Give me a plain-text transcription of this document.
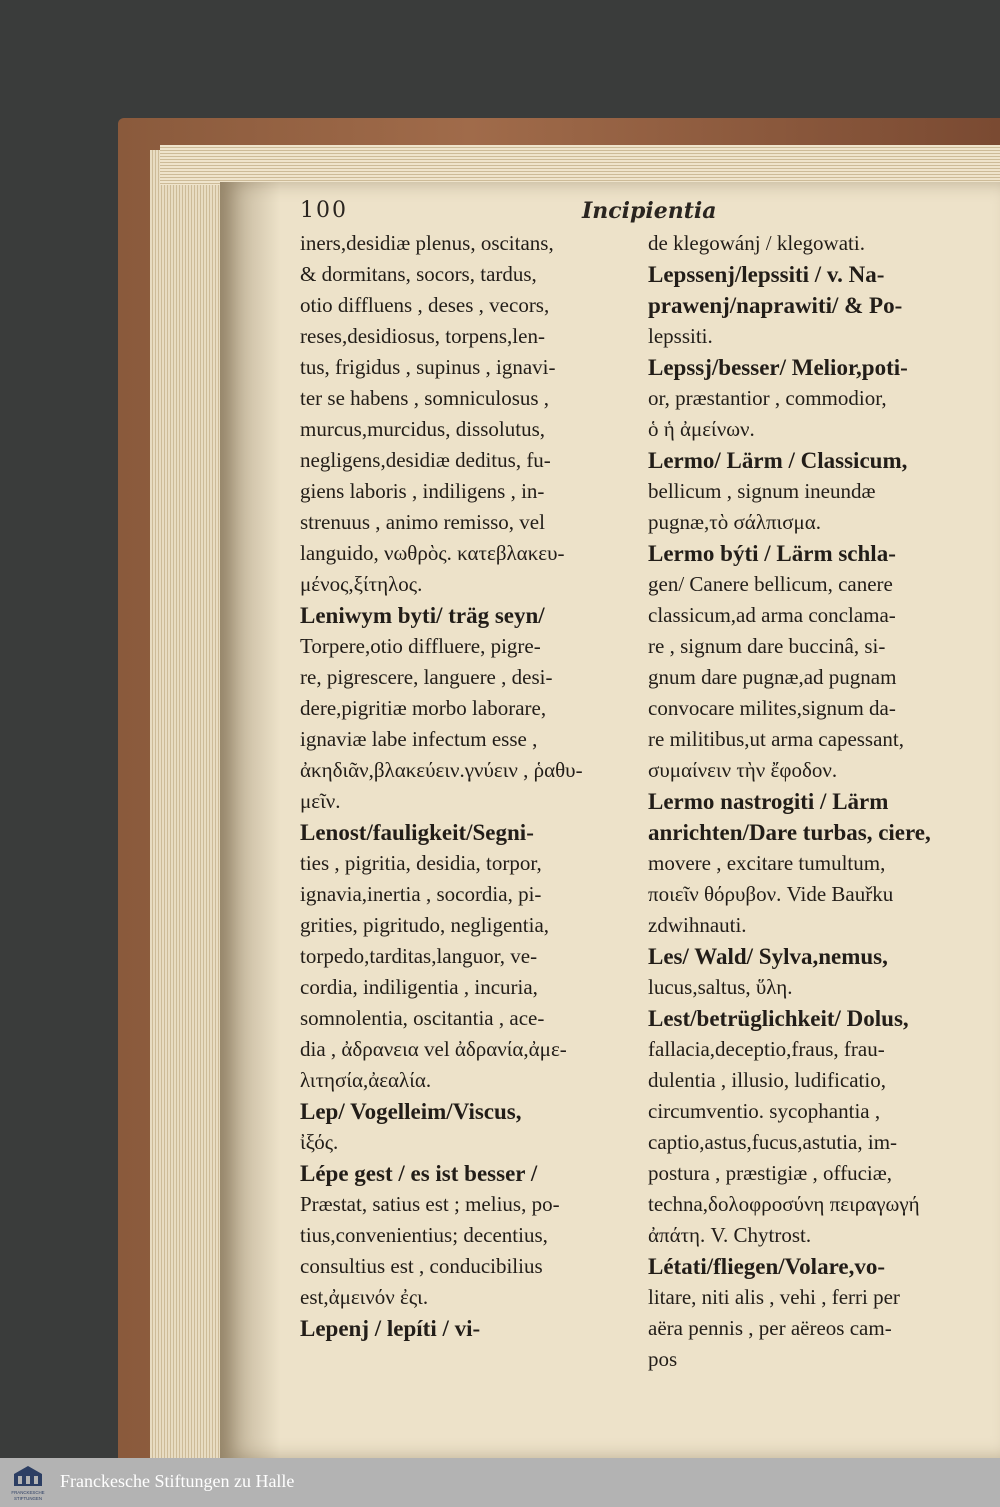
100	Incipientia
iners,desidiæ plenus, oscitans,
& dormitans, socors, tardus,
otio diffluens , deses , vecors,
reses,desidiosus, torpens,len-
tus, frigidus , supinus , ignavi-
ter se habens , somniculosus ,
murcus,murcidus, dissolutus,
negligens,desidiæ deditus, fu-
giens laboris , indiligens , in-
strenuus , animo remisso, vel
languido, νωθρὸς. κατεβλακευ-
μένος,ξίτηλος.
Leniwym byti/ träg seyn/
Torpere,otio diffluere, pigre-
re, pigrescere, languere , desi-
dere,pigritiæ morbo laborare,
ignaviæ labe infectum esse ,
ἀκηδιᾶν,βλακεύειν.γνύειν , ῥαθυ-
μεῖν.
Lenost/fauligkeit/Segni-
ties , pigritia, desidia, torpor,
ignavia,inertia , socordia, pi-
grities, pigritudo, negligentia,
torpedo,tarditas,languor, ve-
cordia, indiligentia , incuria,
somnolentia, oscitantia , ace-
dia , ἀδρανεια vel ἀδρανία,ἀμε-
λιτησία,ἀεαλία.
Lep/ Vogelleim/Viscus,
ἰξός.
Lépe gest / es ist besser /
Præstat, satius est ; melius, po-
tius,convenientius; decentius,
consultius est , conducibilius
est,ἀμεινόν ἐςι.
Lepenj / lepíti / vi-
de klegowánj / klegowati.
Lepssenj/lepssiti / v. Na-
prawenj/naprawiti/ & Po-
lepssiti.
Lepssj/besser/ Melior,poti-
or, præstantior , commodior,
ὁ ἡ ἀμείνων.
Lermo/ Lärm / Classicum,
bellicum , signum ineundæ
pugnæ,τὸ σάλπισμα.
Lermo býti / Lärm schla-
gen/ Canere bellicum, canere
classicum,ad arma conclama-
re , signum dare buccinâ, si-
gnum dare pugnæ,ad pugnam
convocare milites,signum da-
re militibus,ut arma capessant,
συμαίνειν τὴν ἔφοδον.
Lermo nastrogiti / Lärm
anrichten/Dare turbas, ciere,
movere , excitare tumultum,
ποιεῖν θόρυβον. Vide Bauřku
zdwihnauti.
Les/ Wald/ Sylva,nemus,
lucus,saltus, ὕλη.
Lest/betrüglichkeit/ Dolus,
fallacia,deceptio,fraus, frau-
dulentia , illusio, ludificatio,
circumventio. sycophantia ,
captio,astus,fucus,astutia, im-
postura , præstigiæ , offuciæ,
techna,δολοφροσύνη πειραγωγή
ἀπάτη. V. Chytrost.
Létati/fliegen/Volare,vo-
litare, niti alis , vehi , ferri per
aëra pennis , per aëreos cam-
pos
FRANCKESCHE
STIFTUNGEN
Franckesche Stiftungen zu Halle
